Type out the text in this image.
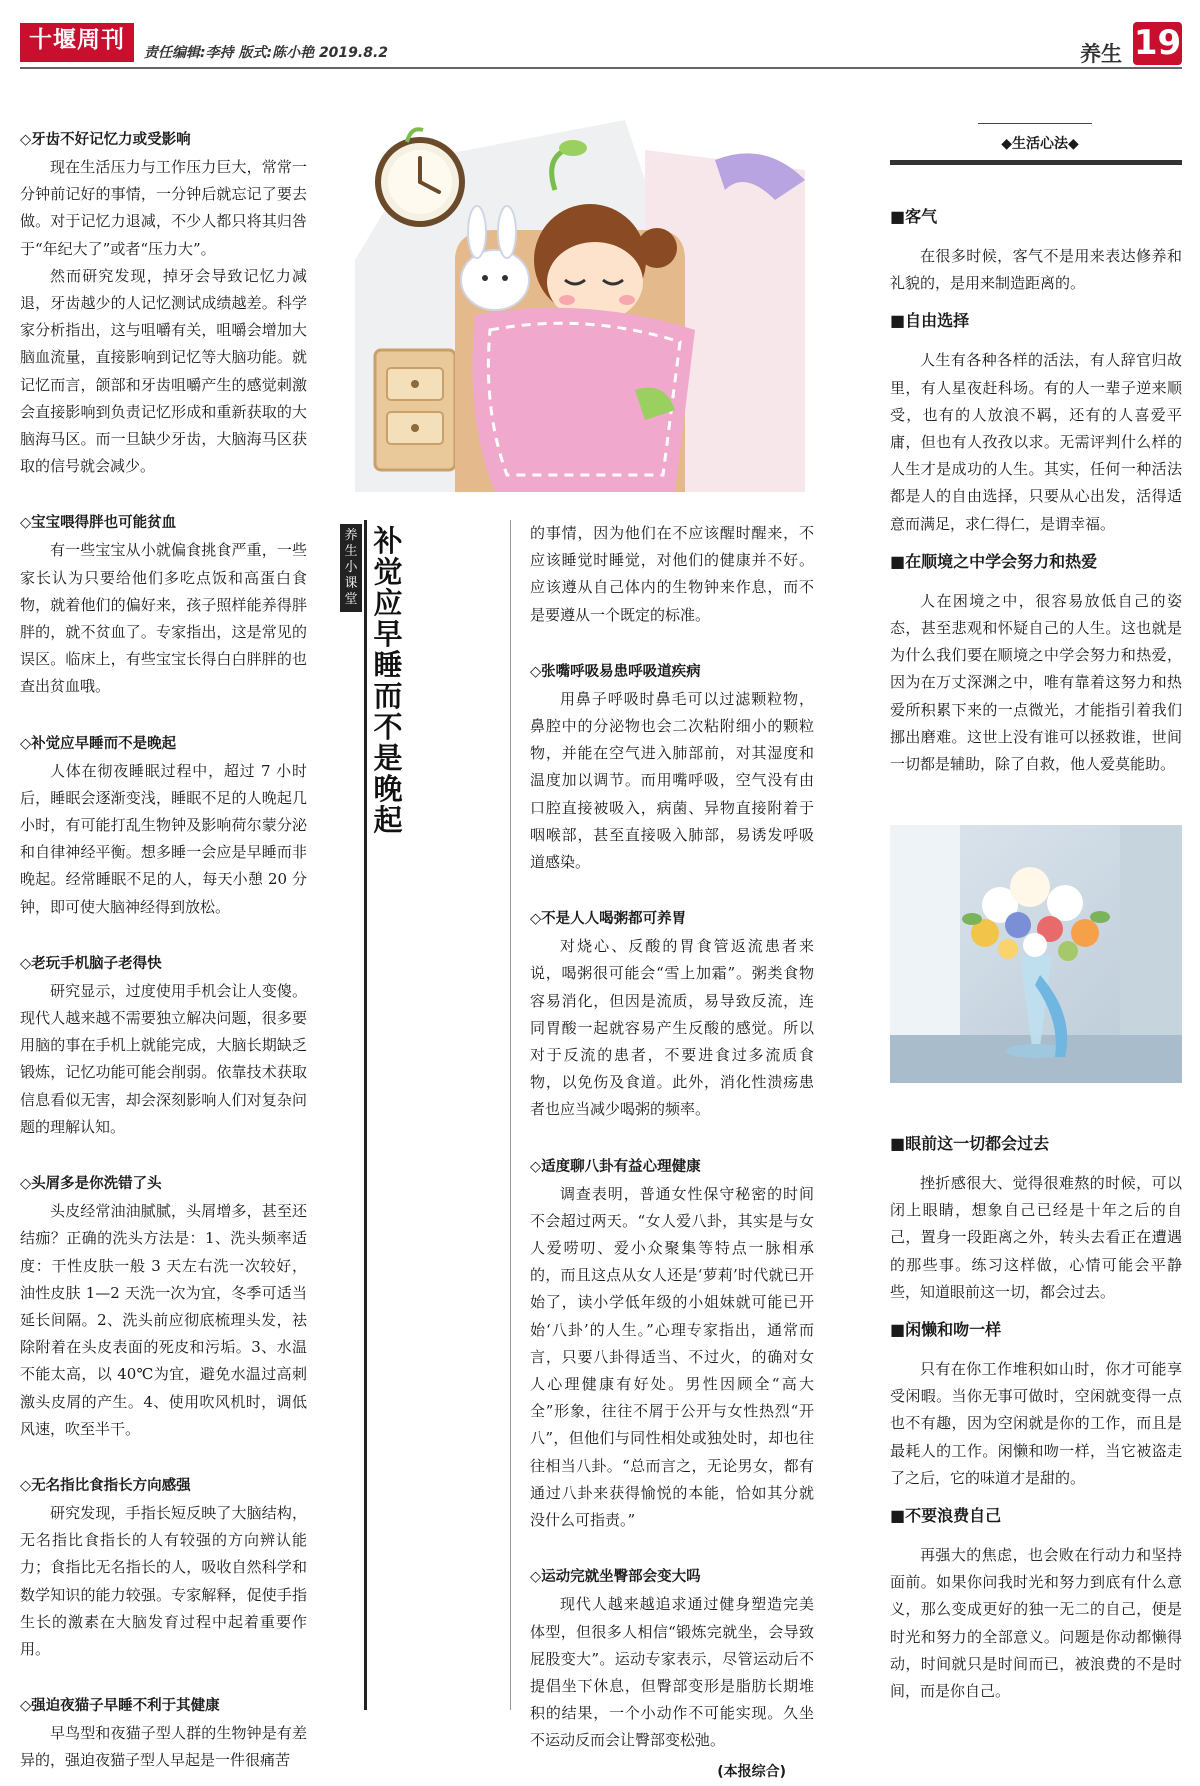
十堰周刊	责任编辑:李持 版式:陈小艳 2019.8.2	养生 19
◇牙齿不好记忆力或受影响

现在生活压力与工作压力巨大，常常一分钟前记好的事情，一分钟后就忘记了要去做。对于记忆力退减，不少人都只将其归咎于“年纪大了”或者“压力大”。

然而研究发现，掉牙会导致记忆力减退，牙齿越少的人记忆测试成绩越差。科学家分析指出，这与咀嚼有关，咀嚼会增加大脑血流量，直接影响到记忆等大脑功能。就记忆而言，颌部和牙齿咀嚼产生的感觉刺激会直接影响到负责记忆形成和重新获取的大脑海马区。而一旦缺少牙齿，大脑海马区获取的信号就会减少。

◇宝宝喂得胖也可能贫血

有一些宝宝从小就偏食挑食严重，一些家长认为只要给他们多吃点饭和高蛋白食物，就着他们的偏好来，孩子照样能养得胖胖的，就不贫血了。专家指出，这是常见的误区。临床上，有些宝宝长得白白胖胖的也查出贫血哦。

◇补觉应早睡而不是晚起

人体在彻夜睡眠过程中，超过 7 小时后，睡眠会逐渐变浅，睡眠不足的人晚起几小时，有可能打乱生物钟及影响荷尔蒙分泌和自律神经平衡。想多睡一会应是早睡而非晚起。经常睡眠不足的人，每天小憩 20 分钟，即可使大脑神经得到放松。

◇老玩手机脑子老得快

研究显示，过度使用手机会让人变傻。现代人越来越不需要独立解决问题，很多要用脑的事在手机上就能完成，大脑长期缺乏锻炼，记忆功能可能会削弱。依靠技术获取信息看似无害，却会深刻影响人们对复杂问题的理解认知。

◇头屑多是你洗错了头

头皮经常油油腻腻，头屑增多，甚至还结痂？正确的洗头方法是：1、洗头频率适度：干性皮肤一般 3 天左右洗一次较好，油性皮肤 1—2 天洗一次为宜，冬季可适当延长间隔。2、洗头前应彻底梳理头发，祛除附着在头皮表面的死皮和污垢。3、水温不能太高，以 40℃为宜，避免水温过高刺激头皮屑的产生。4、使用吹风机时，调低风速，吹至半干。

◇无名指比食指长方向感强

研究发现，手指长短反映了大脑结构，无名指比食指长的人有较强的方向辨认能力；食指比无名指长的人，吸收自然科学和数学知识的能力较强。专家解释，促使手指生长的激素在大脑发育过程中起着重要作用。

◇强迫夜猫子早睡不利于其健康

早鸟型和夜猫子型人群的生物钟是有差异的，强迫夜猫子型人早起是一件很痛苦

养
生
小
课
堂
补
觉
应
早
睡
而
不
是
晚
起

的事情，因为他们在不应该醒时醒来，不应该睡觉时睡觉，对他们的健康并不好。应该遵从自己体内的生物钟来作息，而不是要遵从一个既定的标准。

◇张嘴呼吸易患呼吸道疾病

用鼻子呼吸时鼻毛可以过滤颗粒物，鼻腔中的分泌物也会二次粘附细小的颗粒物，并能在空气进入肺部前，对其湿度和温度加以调节。而用嘴呼吸，空气没有由口腔直接被吸入，病菌、异物直接附着于咽喉部，甚至直接吸入肺部，易诱发呼吸道感染。

◇不是人人喝粥都可养胃

对烧心、反酸的胃食管返流患者来说，喝粥很可能会“雪上加霜”。粥类食物容易消化，但因是流质，易导致反流，连同胃酸一起就容易产生反酸的感觉。所以对于反流的患者，不要进食过多流质食物，以免伤及食道。此外，消化性溃疡患者也应当减少喝粥的频率。

◇适度聊八卦有益心理健康

调查表明，普通女性保守秘密的时间不会超过两天。“女人爱八卦，其实是与女人爱唠叨、爱小众聚集等特点一脉相承的，而且这点从女人还是‘萝莉’时代就已开始了，读小学低年级的小姐妹就可能已开始‘八卦’的人生。”心理专家指出，通常而言，只要八卦得适当、不过火，的确对女人心理健康有好处。男性因顾全“高大全”形象，往往不屑于公开与女性热烈“开八”，但他们与同性相处或独处时，却也往往相当八卦。“总而言之，无论男女，都有通过八卦来获得愉悦的本能，恰如其分就没什么可指责。”

◇运动完就坐臀部会变大吗

现代人越来越追求通过健身塑造完美体型，但很多人相信“锻炼完就坐，会导致屁股变大”。运动专家表示，尽管运动后不提倡坐下休息，但臀部变形是脂肪长期堆积的结果，一个小动作不可能实现。久坐不运动反而会让臀部变松弛。

(本报综合)
◆生活心法◆
■客气

在很多时候，客气不是用来表达修养和礼貌的，是用来制造距离的。

■自由选择

人生有各种各样的活法，有人辞官归故里，有人星夜赶科场。有的人一辈子逆来顺受，也有的人放浪不羁，还有的人喜爱平庸，但也有人孜孜以求。无需评判什么样的人生才是成功的人生。其实，任何一种活法都是人的自由选择，只要从心出发，活得适意而满足，求仁得仁，是谓幸福。

■在顺境之中学会努力和热爱

人在困境之中，很容易放低自己的姿态，甚至悲观和怀疑自己的人生。这也就是为什么我们要在顺境之中学会努力和热爱，因为在万丈深渊之中，唯有靠着这努力和热爱所积累下来的一点微光，才能指引着我们挪出磨难。这世上没有谁可以拯救谁，世间一切都是辅助，除了自救，他人爱莫能助。

■眼前这一切都会过去

挫折感很大、觉得很难熬的时候，可以闭上眼睛，想象自己已经是十年之后的自己，置身一段距离之外，转头去看正在遭遇的那些事。练习这样做，心情可能会平静些，知道眼前这一切，都会过去。

■闲懒和吻一样

只有在你工作堆积如山时，你才可能享受闲暇。当你无事可做时，空闲就变得一点也不有趣，因为空闲就是你的工作，而且是最耗人的工作。闲懒和吻一样，当它被盗走了之后，它的味道才是甜的。

■不要浪费自己

再强大的焦虑，也会败在行动力和坚持面前。如果你问我时光和努力到底有什么意义，那么变成更好的独一无二的自己，便是时光和努力的全部意义。问题是你动都懒得动，时间就只是时间而已，被浪费的不是时间，而是你自己。
